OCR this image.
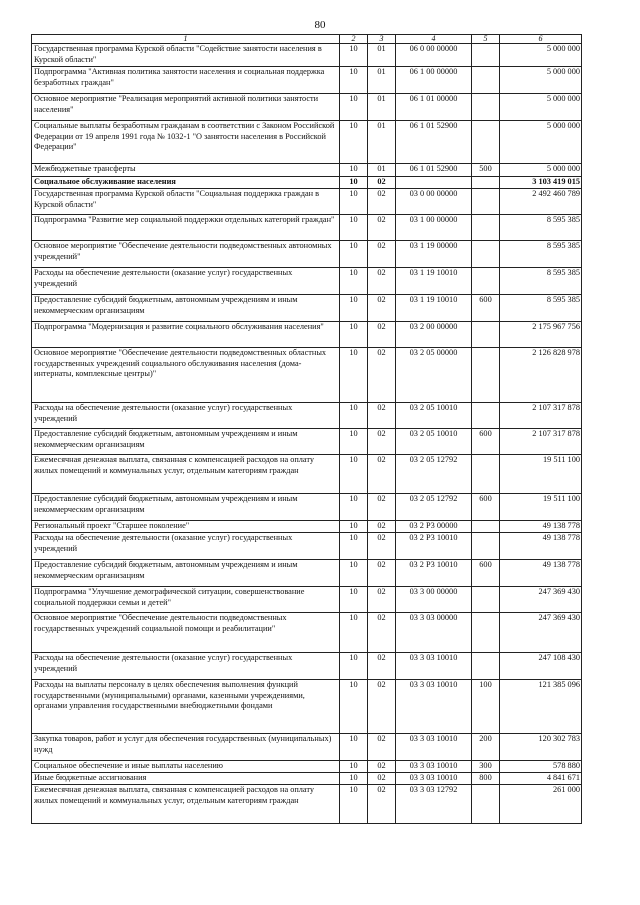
80
1	2	3	4	5	6
Государственная программа Курской области "Содействие занятости населения в Курской области"	10	01	06 0 00 00000		5 000 000
Подпрограмма "Активная политика занятости населения и социальная поддержка безработных граждан"	10	01	06 1 00 00000		5 000 000
Основное мероприятие "Реализация мероприятий активной политики занятости населения"	10	01	06 1 01 00000		5 000 000
Социальные выплаты безработным гражданам в соответствии с Законом Российской Федерации от 19 апреля 1991 года № 1032-1 "О занятости населения в Российской Федерации"	10	01	06 1 01 52900		5 000 000
Межбюджетные трансферты	10	01	06 1 01 52900	500	5 000 000
Социальное обслуживание населения	10	02			3 103 419 015
Государственная программа Курской области "Социальная поддержка граждан в Курской области"	10	02	03 0 00 00000		2 492 460 789
Подпрограмма "Развитие мер социальной поддержки отдельных категорий граждан"	10	02	03 1 00 00000		8 595 385
Основное мероприятие "Обеспечение деятельности подведомственных автономных учреждений"	10	02	03 1 19 00000		8 595 385
Расходы на обеспечение деятельности (оказание услуг) государственных учреждений	10	02	03 1 19 10010		8 595 385
Предоставление субсидий бюджетным, автономным учреждениям и иным некоммерческим организациям	10	02	03 1 19 10010	600	8 595 385
Подпрограмма "Модернизация и развитие социального обслуживания населения"	10	02	03 2 00 00000		2 175 967 756
Основное мероприятие "Обеспечение деятельности подведомственных областных государственных учреждений социального обслуживания населения (дома-интернаты, комплексные центры)"	10	02	03 2 05 00000		2 126 828 978
Расходы на обеспечение деятельности (оказание услуг) государственных учреждений	10	02	03 2 05 10010		2 107 317 878
Предоставление субсидий бюджетным, автономным учреждениям и иным некоммерческим организациям	10	02	03 2 05 10010	600	2 107 317 878
Ежемесячная денежная выплата, связанная с компенсацией расходов на оплату жилых помещений и коммунальных услуг, отдельным категориям граждан	10	02	03 2 05 12792		19 511 100
Предоставление субсидий бюджетным, автономным учреждениям и иным некоммерческим организациям	10	02	03 2 05 12792	600	19 511 100
Региональный проект "Старшее поколение"	10	02	03 2 P3 00000		49 138 778
Расходы на обеспечение деятельности (оказание услуг) государственных учреждений	10	02	03 2 P3 10010		49 138 778
Предоставление субсидий бюджетным, автономным учреждениям и иным некоммерческим организациям	10	02	03 2 P3 10010	600	49 138 778
Подпрограмма "Улучшение демографической ситуации, совершенствование социальной поддержки семьи и детей"	10	02	03 3 00 00000		247 369 430
Основное мероприятие "Обеспечение деятельности подведомственных государственных учреждений социальной помощи и реабилитации"	10	02	03 3 03 00000		247 369 430
Расходы на обеспечение деятельности (оказание услуг) государственных учреждений	10	02	03 3 03 10010		247 108 430
Расходы на выплаты персоналу в целях обеспечения выполнения функций государственными (муниципальными) органами, казенными учреждениями, органами управления государственными внебюджетными фондами	10	02	03 3 03 10010	100	121 385 096
Закупка товаров, работ и услуг для обеспечения государственных (муниципальных) нужд	10	02	03 3 03 10010	200	120 302 783
Социальное обеспечение и иные выплаты населению	10	02	03 3 03 10010	300	578 880
Иные бюджетные ассигнования	10	02	03 3 03 10010	800	4 841 671
Ежемесячная денежная выплата, связанная с компенсацией расходов на оплату жилых помещений и коммунальных услуг, отдельным категориям граждан	10	02	03 3 03 12792		261 000
